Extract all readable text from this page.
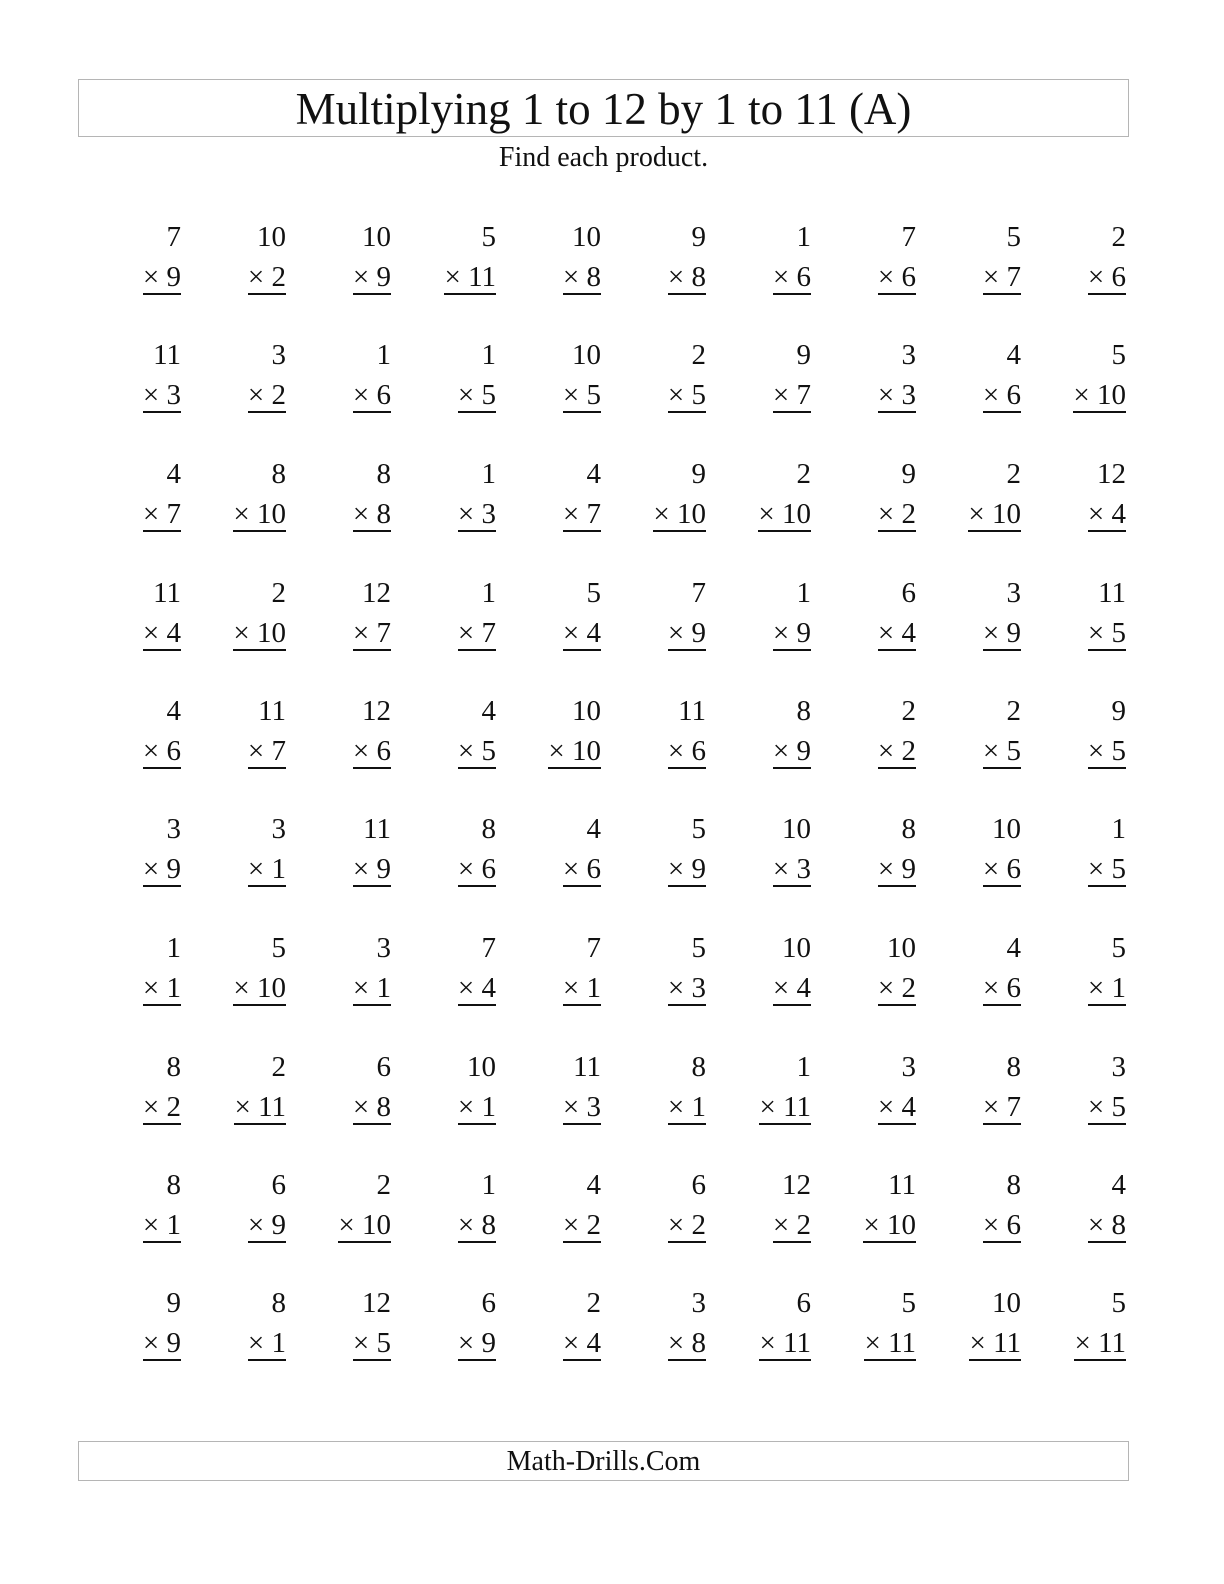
Multiplying 1 to 12 by 1 to 11 (A)
Find each product.
7
× 9
10
× 2
10
× 9
5
× 11
10
× 8
9
× 8
1
× 6
7
× 6
5
× 7
2
× 6
11
× 3
3
× 2
1
× 6
1
× 5
10
× 5
2
× 5
9
× 7
3
× 3
4
× 6
5
× 10
4
× 7
8
× 10
8
× 8
1
× 3
4
× 7
9
× 10
2
× 10
9
× 2
2
× 10
12
× 4
11
× 4
2
× 10
12
× 7
1
× 7
5
× 4
7
× 9
1
× 9
6
× 4
3
× 9
11
× 5
4
× 6
11
× 7
12
× 6
4
× 5
10
× 10
11
× 6
8
× 9
2
× 2
2
× 5
9
× 5
3
× 9
3
× 1
11
× 9
8
× 6
4
× 6
5
× 9
10
× 3
8
× 9
10
× 6
1
× 5
1
× 1
5
× 10
3
× 1
7
× 4
7
× 1
5
× 3
10
× 4
10
× 2
4
× 6
5
× 1
8
× 2
2
× 11
6
× 8
10
× 1
11
× 3
8
× 1
1
× 11
3
× 4
8
× 7
3
× 5
8
× 1
6
× 9
2
× 10
1
× 8
4
× 2
6
× 2
12
× 2
11
× 10
8
× 6
4
× 8
9
× 9
8
× 1
12
× 5
6
× 9
2
× 4
3
× 8
6
× 11
5
× 11
10
× 11
5
× 11
Math-Drills.Com
